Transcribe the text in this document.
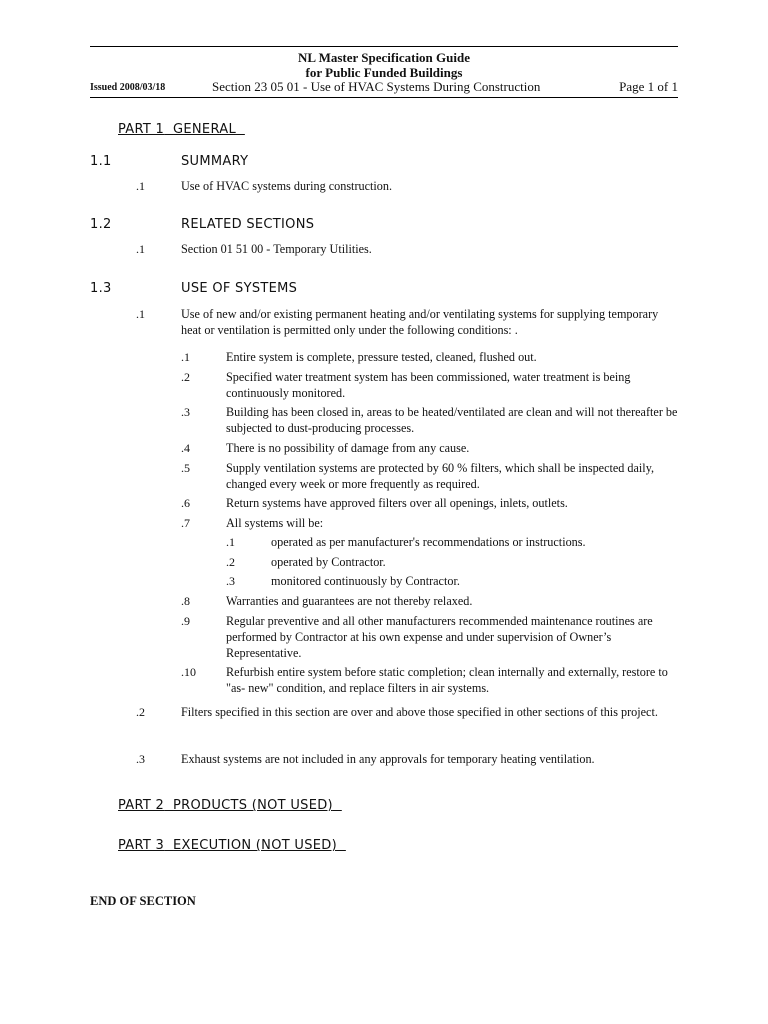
NL Master Specification Guide
for Public Funded Buildings
Issued 2008/03/18	Section 23 05 01 - Use of HVAC Systems During Construction	Page 1 of 1
PART 1 GENERAL
1.1	SUMMARY
.1	Use of HVAC systems during construction.
1.2	RELATED SECTIONS
.1	Section 01 51 00 - Temporary Utilities.
1.3	USE OF SYSTEMS
.1	Use of new and/or existing permanent heating and/or ventilating systems for supplying temporary heat or ventilation is permitted only under the following conditions: .
.1	Entire system is complete, pressure tested, cleaned, flushed out.
.2	Specified water treatment system has been commissioned, water treatment is being continuously monitored.
.3	Building has been closed in, areas to be heated/ventilated are clean and will not thereafter be subjected to dust-producing processes.
.4	There is no possibility of damage from any cause.
.5	Supply ventilation systems are protected by 60 % filters, which shall be inspected daily, changed every week or more frequently as required.
.6	Return systems have approved filters over all openings, inlets, outlets.
.7	All systems will be:
.1	operated as per manufacturer's recommendations or instructions.
.2	operated by Contractor.
.3	monitored continuously by Contractor.
.8	Warranties and guarantees are not thereby relaxed.
.9	Regular preventive and all other manufacturers recommended maintenance routines are performed by Contractor at his own expense and under supervision of Owner’s Representative.
.10 Refurbish entire system before static completion; clean internally and externally, restore to "as- new" condition, and replace filters in air systems.
.2	Filters specified in this section are over and above those specified in other sections of this project.
.3	Exhaust systems are not included in any approvals for temporary heating ventilation.
PART 2 PRODUCTS (NOT USED)
PART 3 EXECUTION (NOT USED)
END OF SECTION
